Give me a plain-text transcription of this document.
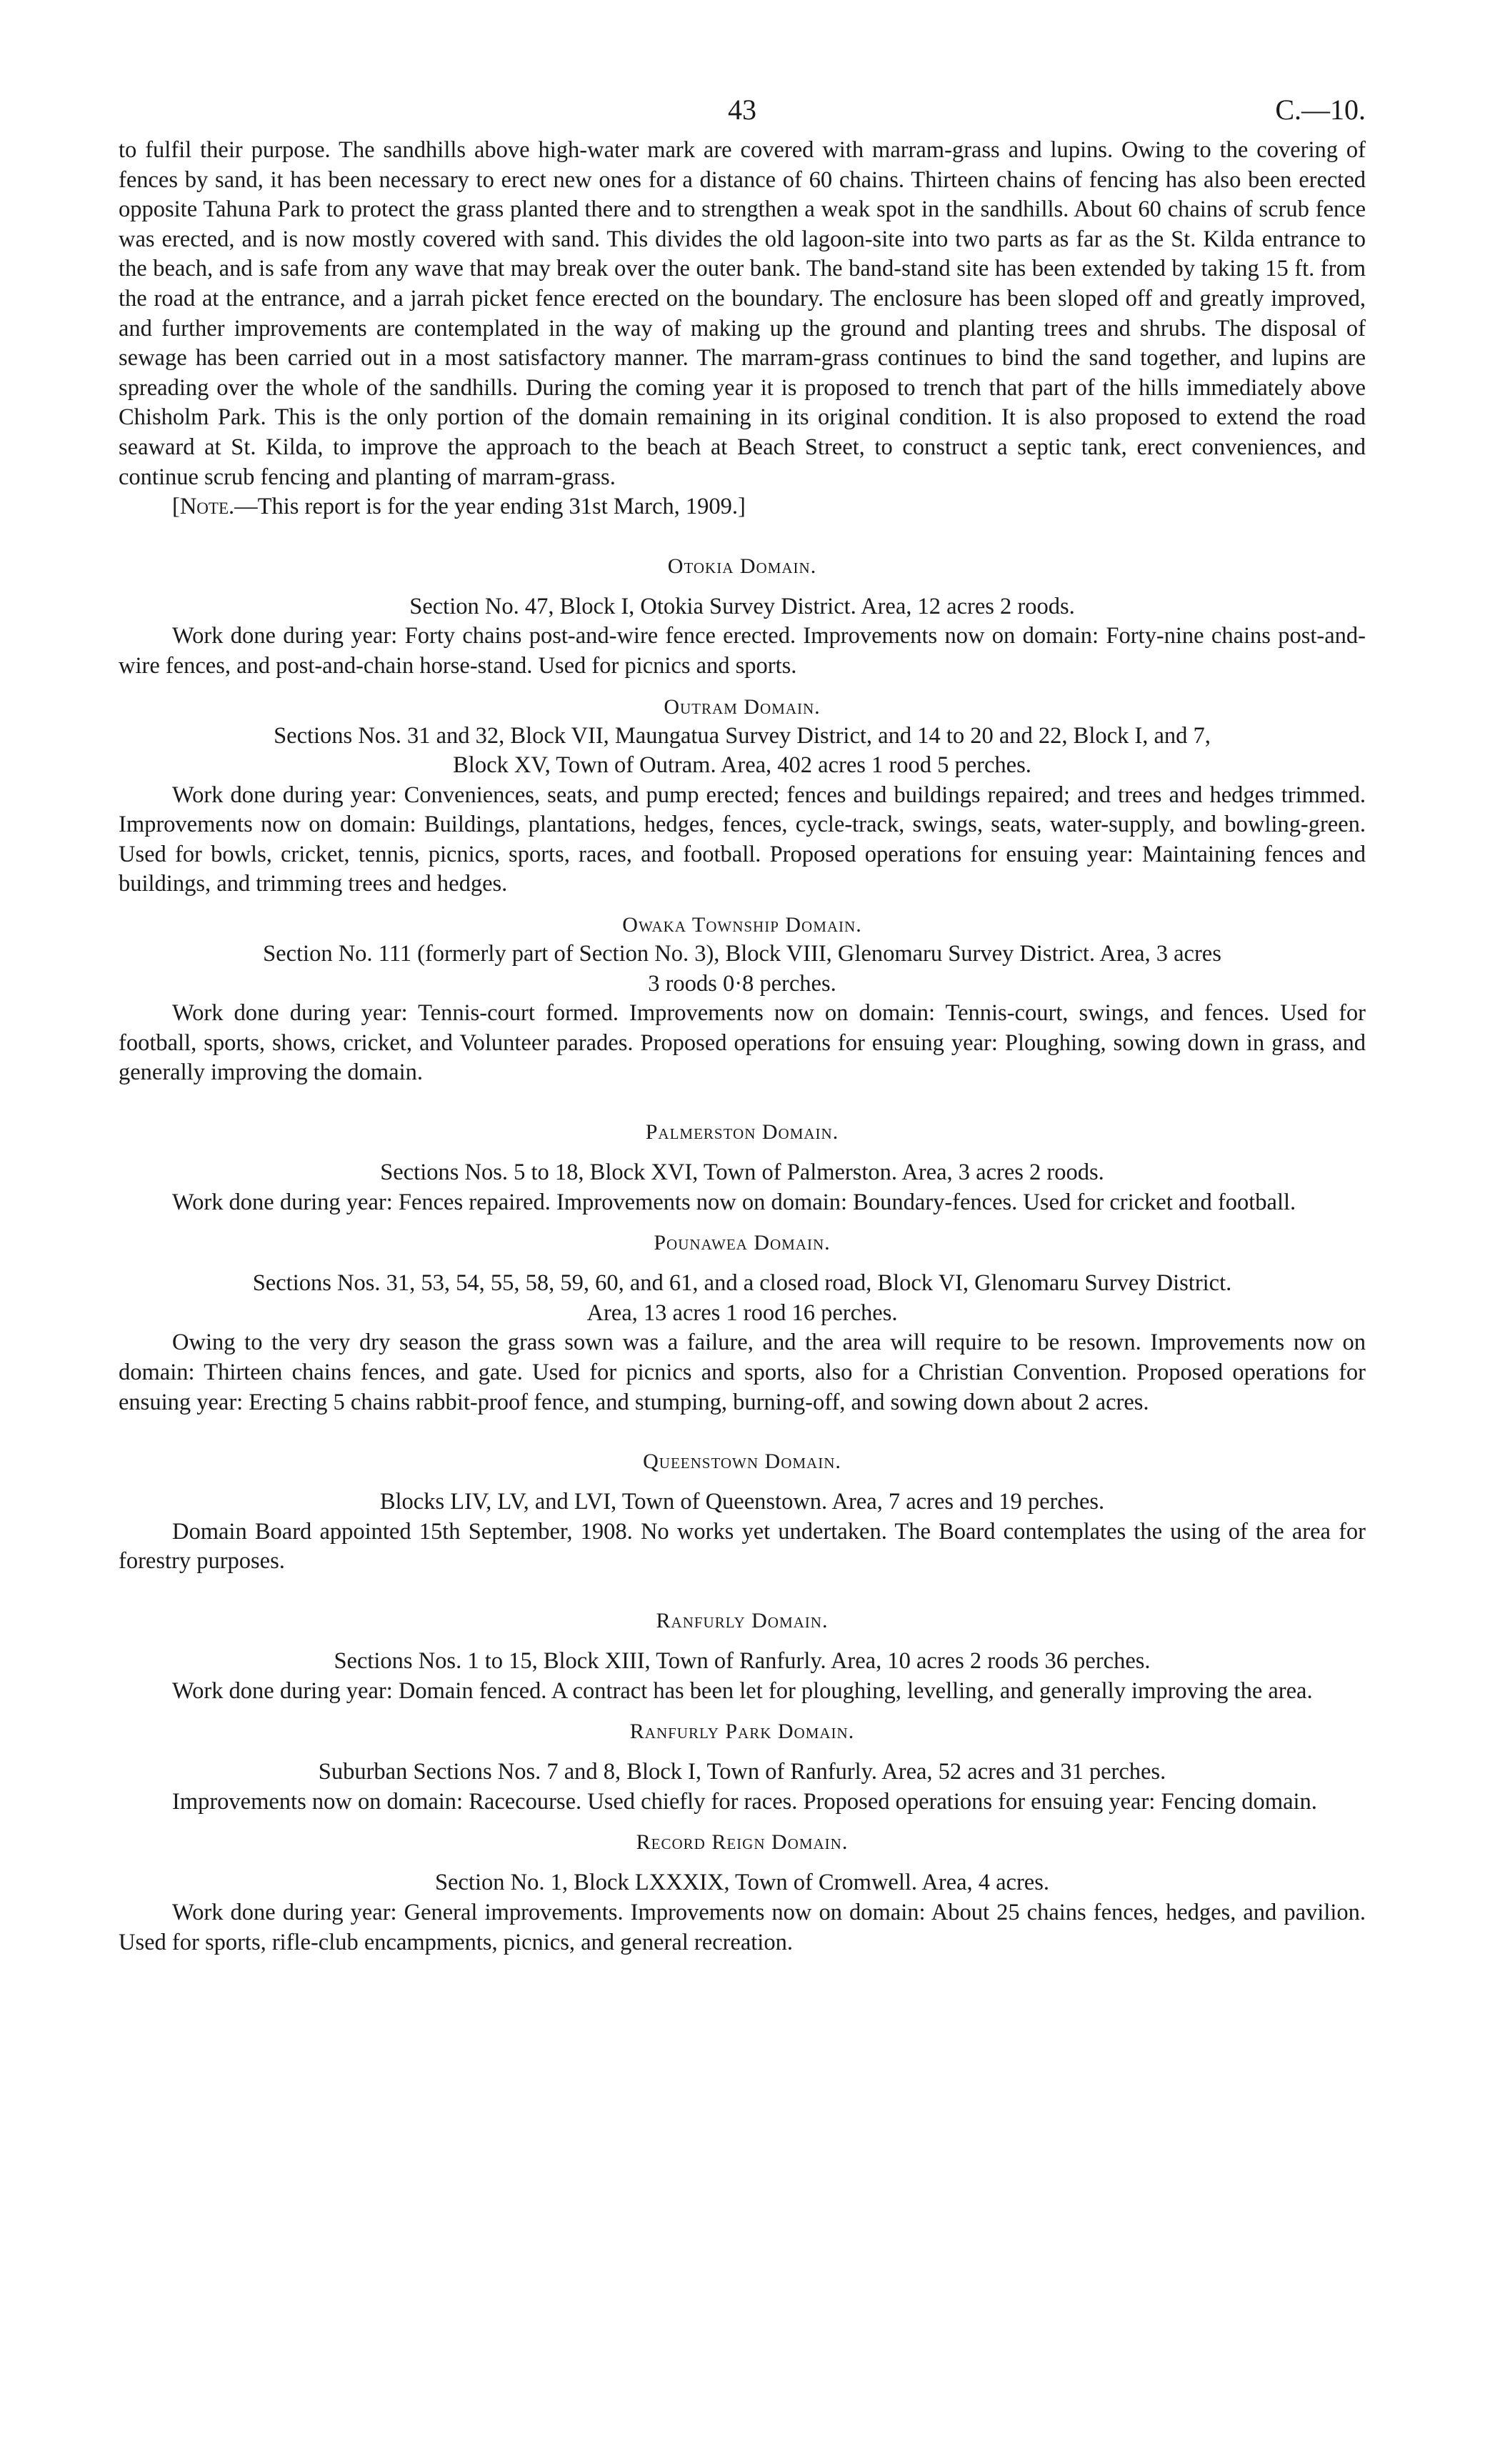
43	C.—10.

to fulfil their purpose. The sandhills above high-water mark are covered with marram-grass and lupins. Owing to the covering of fences by sand, it has been necessary to erect new ones for a distance of 60 chains. Thirteen chains of fencing has also been erected opposite Tahuna Park to protect the grass planted there and to strengthen a weak spot in the sandhills. About 60 chains of scrub fence was erected, and is now mostly covered with sand. This divides the old lagoon-site into two parts as far as the St. Kilda entrance to the beach, and is safe from any wave that may break over the outer bank. The band-stand site has been extended by taking 15 ft. from the road at the entrance, and a jarrah picket fence erected on the boundary. The enclosure has been sloped off and greatly improved, and further improvements are contemplated in the way of making up the ground and planting trees and shrubs. The disposal of sewage has been carried out in a most satisfactory manner. The marram-grass continues to bind the sand together, and lupins are spreading over the whole of the sandhills. During the coming year it is proposed to trench that part of the hills immediately above Chisholm Park. This is the only portion of the domain remaining in its original condition. It is also proposed to extend the road seaward at St. Kilda, to improve the approach to the beach at Beach Street, to construct a septic tank, erect conveniences, and continue scrub fencing and planting of marram-grass.

[Note.—This report is for the year ending 31st March, 1909.]

Otokia Domain.

Section No. 47, Block I, Otokia Survey District. Area, 12 acres 2 roods.

Work done during year: Forty chains post-and-wire fence erected. Improvements now on domain: Forty-nine chains post-and-wire fences, and post-and-chain horse-stand. Used for picnics and sports.

Outram Domain.

Sections Nos. 31 and 32, Block VII, Maungatua Survey District, and 14 to 20 and 22, Block I, and 7,

Block XV, Town of Outram. Area, 402 acres 1 rood 5 perches.

Work done during year: Conveniences, seats, and pump erected; fences and buildings repaired; and trees and hedges trimmed. Improvements now on domain: Buildings, plantations, hedges, fences, cycle-track, swings, seats, water-supply, and bowling-green. Used for bowls, cricket, tennis, picnics, sports, races, and football. Proposed operations for ensuing year: Maintaining fences and buildings, and trimming trees and hedges.

Owaka Township Domain.

Section No. 111 (formerly part of Section No. 3), Block VIII, Glenomaru Survey District. Area, 3 acres

3 roods 0·8 perches.

Work done during year: Tennis-court formed. Improvements now on domain: Tennis-court, swings, and fences. Used for football, sports, shows, cricket, and Volunteer parades. Proposed operations for ensuing year: Ploughing, sowing down in grass, and generally improving the domain.

Palmerston Domain.

Sections Nos. 5 to 18, Block XVI, Town of Palmerston. Area, 3 acres 2 roods.

Work done during year: Fences repaired. Improvements now on domain: Boundary-fences. Used for cricket and football.

Pounawea Domain.

Sections Nos. 31, 53, 54, 55, 58, 59, 60, and 61, and a closed road, Block VI, Glenomaru Survey District.

Area, 13 acres 1 rood 16 perches.

Owing to the very dry season the grass sown was a failure, and the area will require to be resown. Improvements now on domain: Thirteen chains fences, and gate. Used for picnics and sports, also for a Christian Convention. Proposed operations for ensuing year: Erecting 5 chains rabbit-proof fence, and stumping, burning-off, and sowing down about 2 acres.

Queenstown Domain.

Blocks LIV, LV, and LVI, Town of Queenstown. Area, 7 acres and 19 perches.

Domain Board appointed 15th September, 1908. No works yet undertaken. The Board contemplates the using of the area for forestry purposes.

Ranfurly Domain.

Sections Nos. 1 to 15, Block XIII, Town of Ranfurly. Area, 10 acres 2 roods 36 perches.

Work done during year: Domain fenced. A contract has been let for ploughing, levelling, and generally improving the area.

Ranfurly Park Domain.

Suburban Sections Nos. 7 and 8, Block I, Town of Ranfurly. Area, 52 acres and 31 perches.

Improvements now on domain: Racecourse. Used chiefly for races. Proposed operations for ensuing year: Fencing domain.

Record Reign Domain.

Section No. 1, Block LXXXIX, Town of Cromwell. Area, 4 acres.

Work done during year: General improvements. Improvements now on domain: About 25 chains fences, hedges, and pavilion. Used for sports, rifle-club encampments, picnics, and general recreation.
